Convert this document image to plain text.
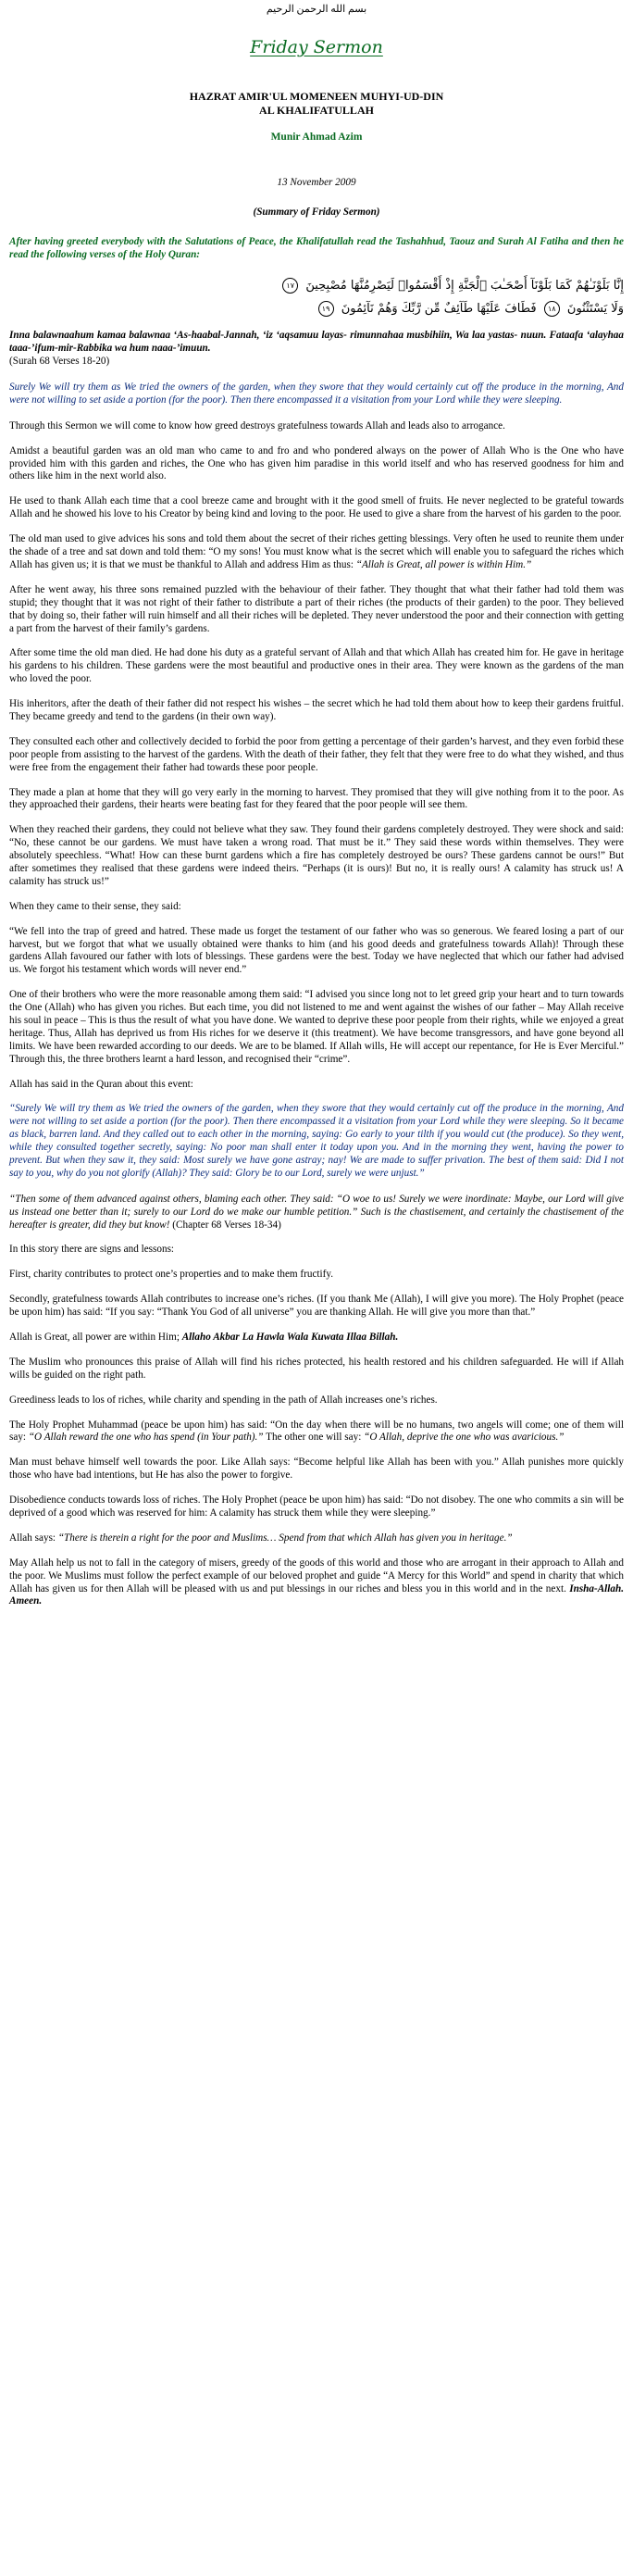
بسم الله الرحمن الرحيم
Friday Sermon
HAZRAT AMIR'UL MOMENEEN MUHYI-UD-DIN
AL KHALIFATULLAH
Munir Ahmad Azim
13 November 2009
(Summary of Friday Sermon)

After having greeted everybody with the Salutations of Peace, the Khalifatullah read the Tashahhud, Taouz and Surah Al Fatiha and then he read the following verses of the Holy Quran:

إِنَّا بَلَوْنَـٰهُمْ كَمَا بَلَوْنَآ أَصْحَـٰبَ ٱلْجَنَّةِ إِذْ أَقْسَمُوا۟ لَيَصْرِمُنَّهَا مُصْبِحِينَ ١٧
وَلَا يَسْتَثْنُونَ ١٨ فَطَافَ عَلَيْهَا طَآئِفٌ مِّن رَّبِّكَ وَهُمْ نَآئِمُونَ ١٩

Inna balawnaahum kamaa balawnaa ‘As-haabal-Jannah, ‘iz ‘aqsamuu layas- rimunnahaa musbihiin, Wa laa yastas- nuun. Fataafa ‘alayhaa taaa-’ifum-mir-Rabbika wa hum naaa-’imuun.

(Surah 68 Verses 18-20)

Surely We will try them as We tried the owners of the garden, when they swore that they would certainly cut off the produce in the morning, And were not willing to set aside a portion (for the poor). Then there encompassed it a visitation from your Lord while they were sleeping.

Through this Sermon we will come to know how greed destroys gratefulness towards Allah and leads also to arrogance.

Amidst a beautiful garden was an old man who came to and fro and who pondered always on the power of Allah Who is the One who have provided him with this garden and riches, the One who has given him paradise in this world itself and who has reserved goodness for him and others like him in the next world also.

He used to thank Allah each time that a cool breeze came and brought with it the good smell of fruits. He never neglected to be grateful towards Allah and he showed his love to his Creator by being kind and loving to the poor. He used to give a share from the harvest of his garden to the poor.

The old man used to give advices his sons and told them about the secret of their riches getting blessings. Very often he used to reunite them under the shade of a tree and sat down and told them: “O my sons! You must know what is the secret which will enable you to safeguard the riches which Allah has given us; it is that we must be thankful to Allah and address Him as thus: “Allah is Great, all power is within Him.”

After he went away, his three sons remained puzzled with the behaviour of their father. They thought that what their father had told them was stupid; they thought that it was not right of their father to distribute a part of their riches (the products of their garden) to the poor. They believed that by doing so, their father will ruin himself and all their riches will be depleted. They never understood the poor and their connection with getting a part from the harvest of their family’s gardens.

After some time the old man died. He had done his duty as a grateful servant of Allah and that which Allah has created him for. He gave in heritage his gardens to his children. These gardens were the most beautiful and productive ones in their area. They were known as the gardens of the man who loved the poor.

His inheritors, after the death of their father did not respect his wishes – the secret which he had told them about how to keep their gardens fruitful. They became greedy and tend to the gardens (in their own way).

They consulted each other and collectively decided to forbid the poor from getting a percentage of their garden’s harvest, and they even forbid these poor people from assisting to the harvest of the gardens. With the death of their father, they felt that they were free to do what they wished, and thus were free from the engagement their father had towards these poor people.

They made a plan at home that they will go very early in the morning to harvest. They promised that they will give nothing from it to the poor. As they approached their gardens, their hearts were beating fast for they feared that the poor people will see them.

When they reached their gardens, they could not believe what they saw. They found their gardens completely destroyed. They were shock and said: “No, these cannot be our gardens. We must have taken a wrong road. That must be it.” They said these words within themselves. They were absolutely speechless. “What! How can these burnt gardens which a fire has completely destroyed be ours? These gardens cannot be ours!” But after sometimes they realised that these gardens were indeed theirs. “Perhaps (it is ours)! But no, it is really ours! A calamity has struck us! A calamity has struck us!”

When they came to their sense, they said:

“We fell into the trap of greed and hatred. These made us forget the testament of our father who was so generous. We feared losing a part of our harvest, but we forgot that what we usually obtained were thanks to him (and his good deeds and gratefulness towards Allah)! Through these gardens Allah favoured our father with lots of blessings. These gardens were the best. Today we have neglected that which our father had advised us. We forgot his testament which words will never end.”

One of their brothers who were the more reasonable among them said: “I advised you since long not to let greed grip your heart and to turn towards the One (Allah) who has given you riches. But each time, you did not listened to me and went against the wishes of our father – May Allah receive his soul in peace – This is thus the result of what you have done. We wanted to deprive these poor people from their rights, while we enjoyed a great heritage. Thus, Allah has deprived us from His riches for we deserve it (this treatment). We have become transgressors, and have gone beyond all limits. We have been rewarded according to our deeds. We are to be blamed. If Allah wills, He will accept our repentance, for He is Ever Merciful.” Through this, the three brothers learnt a hard lesson, and recognised their “crime”.

Allah has said in the Quran about this event:

“Surely We will try them as We tried the owners of the garden, when they swore that they would certainly cut off the produce in the morning, And were not willing to set aside a portion (for the poor). Then there encompassed it a visitation from your Lord while they were sleeping. So it became as black, barren land. And they called out to each other in the morning, saying: Go early to your tilth if you would cut (the produce). So they went, while they consulted together secretly, saying: No poor man shall enter it today upon you. And in the morning they went, having the power to prevent. But when they saw it, they said: Most surely we have gone astray; nay! We are made to suffer privation. The best of them said: Did I not say to you, why do you not glorify (Allah)? They said: Glory be to our Lord, surely we were unjust.”

“Then some of them advanced against others, blaming each other. They said: “O woe to us! Surely we were inordinate: Maybe, our Lord will give us instead one better than it; surely to our Lord do we make our humble petition.” Such is the chastisement, and certainly the chastisement of the hereafter is greater, did they but know! (Chapter 68 Verses 18-34)

In this story there are signs and lessons:

First, charity contributes to protect one’s properties and to make them fructify.

Secondly, gratefulness towards Allah contributes to increase one’s riches. (If you thank Me (Allah), I will give you more). The Holy Prophet (peace be upon him) has said: “If you say: “Thank You God of all universe” you are thanking Allah. He will give you more than that.”

Allah is Great, all power are within Him; Allaho Akbar La Hawla Wala Kuwata Illaa Billah.

The Muslim who pronounces this praise of Allah will find his riches protected, his health restored and his children safeguarded. He will if Allah wills be guided on the right path.

Greediness leads to los of riches, while charity and spending in the path of Allah increases one’s riches.

The Holy Prophet Muhammad (peace be upon him) has said: “On the day when there will be no humans, two angels will come; one of them will say: “O Allah reward the one who has spend (in Your path).” The other one will say: “O Allah, deprive the one who was avaricious.”

Man must behave himself well towards the poor. Like Allah says: “Become helpful like Allah has been with you.” Allah punishes more quickly those who have bad intentions, but He has also the power to forgive.

Disobedience conducts towards loss of riches. The Holy Prophet (peace be upon him) has said: “Do not disobey. The one who commits a sin will be deprived of a good which was reserved for him: A calamity has struck them while they were sleeping.”

Allah says: “There is therein a right for the poor and Muslims… Spend from that which Allah has given you in heritage.”

May Allah help us not to fall in the category of misers, greedy of the goods of this world and those who are arrogant in their approach to Allah and the poor. We Muslims must follow the perfect example of our beloved prophet and guide “A Mercy for this World” and spend in charity that which Allah has given us for then Allah will be pleased with us and put blessings in our riches and bless you in this world and in the next. Insha-Allah. Ameen.
